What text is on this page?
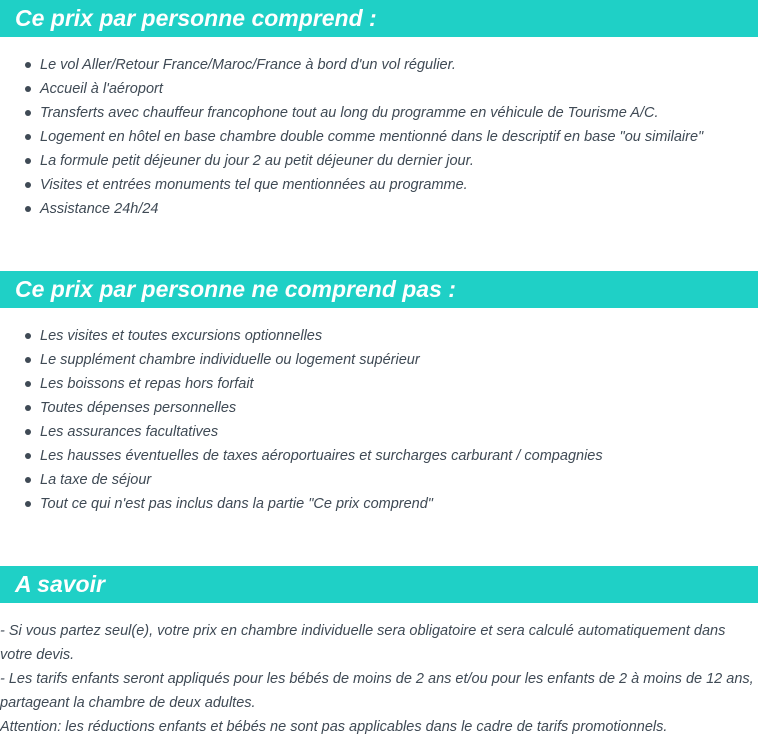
Ce prix par personne comprend :
Le vol Aller/Retour France/Maroc/France à bord d'un vol régulier.
Accueil à l'aéroport
Transferts avec chauffeur francophone tout au long du programme en véhicule de Tourisme A/C.
Logement en hôtel en base chambre double comme mentionné dans le descriptif en base "ou similaire"
La formule petit déjeuner du jour 2 au petit déjeuner du dernier jour.
Visites et entrées monuments tel que mentionnées au programme.
Assistance 24h/24
Ce prix par personne ne comprend pas :
Les visites et toutes excursions optionnelles
Le supplément chambre individuelle ou logement supérieur
Les boissons et repas hors forfait
Toutes dépenses personnelles
Les assurances facultatives
Les hausses éventuelles de taxes aéroportuaires et surcharges carburant / compagnies
La taxe de séjour
Tout ce qui n'est pas inclus dans la partie "Ce prix comprend"
A savoir

- Si vous partez seul(e), votre prix en chambre individuelle sera obligatoire et sera calculé automatiquement dans votre devis.

- Les tarifs enfants seront appliqués pour les bébés de moins de 2 ans et/ou pour les enfants de 2 à moins de 12 ans, partageant la chambre de deux adultes.

Attention: les réductions enfants et bébés ne sont pas applicables dans le cadre de tarifs promotionnels.
